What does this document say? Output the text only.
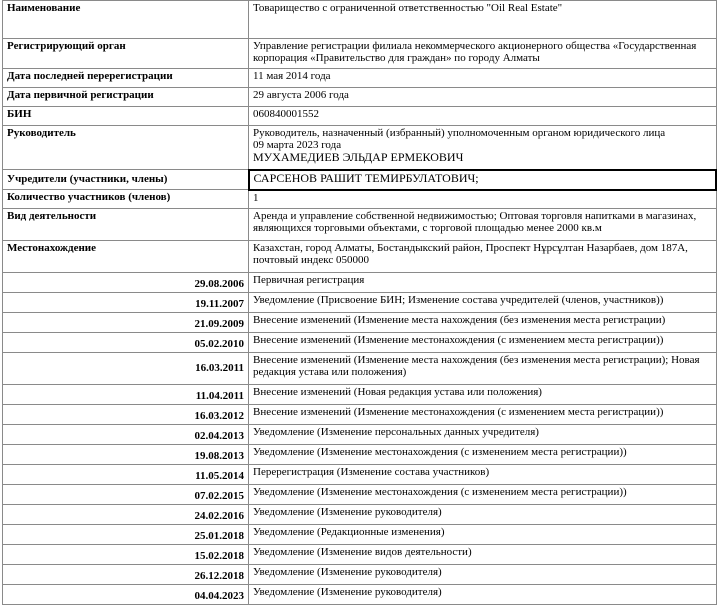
Наименование	Товарищество с ограниченной ответственностью "Oil Real Estate"
Регистрирующий орган	Управление регистрации филиала некоммерческого акционерного общества «Государственная корпорация «Правительство для граждан» по городу Алматы
Дата последней перерегистрации	11 мая 2014 года
Дата первичной регистрации	29 августа 2006 года
БИН	060840001552
Руководитель	Руководитель, назначенный (избранный) уполномоченным органом юридического лица
09 марта 2023 года
МУХАМЕДИЕВ ЭЛЬДАР ЕРМЕКОВИЧ

Учредители (участники, члены)	САРСЕНОВ РАШИТ ТЕМИРБУЛАТОВИЧ;
Количество участников (членов)	1
Вид деятельности	Аренда и управление собственной недвижимостью; Оптовая торговля напитками в магазинах, являющихся торговыми объектами, с торговой площадью менее 2000 кв.м
Местонахождение	Казахстан, город Алматы, Бостандыкский район, Проспект Нұрсұлтан Назарбаев, дом 187А, почтовый индекс 050000
29.08.2006	Первичная регистрация
19.11.2007	Уведомление (Присвоение БИН; Изменение состава учредителей (членов, участников))
21.09.2009	Внесение изменений (Изменение места нахождения (без изменения места регистрации)
05.02.2010	Внесение изменений (Изменение местонахождения (с изменением места регистрации))
16.03.2011	Внесение изменений (Изменение места нахождения (без изменения места регистрации); Новая редакция устава или положения)
11.04.2011	Внесение изменений (Новая редакция устава или положения)
16.03.2012	Внесение изменений (Изменение местонахождения (с изменением места регистрации))
02.04.2013	Уведомление (Изменение персональных данных учредителя)
19.08.2013	Уведомление (Изменение местонахождения (с изменением места регистрации))
11.05.2014	Перерегистрация (Изменение состава участников)
07.02.2015	Уведомление (Изменение местонахождения (с изменением места регистрации))
24.02.2016	Уведомление (Изменение руководителя)
25.01.2018	Уведомление (Редакционные изменения)
15.02.2018	Уведомление (Изменение видов деятельности)
26.12.2018	Уведомление (Изменение руководителя)
04.04.2023	Уведомление (Изменение руководителя)
